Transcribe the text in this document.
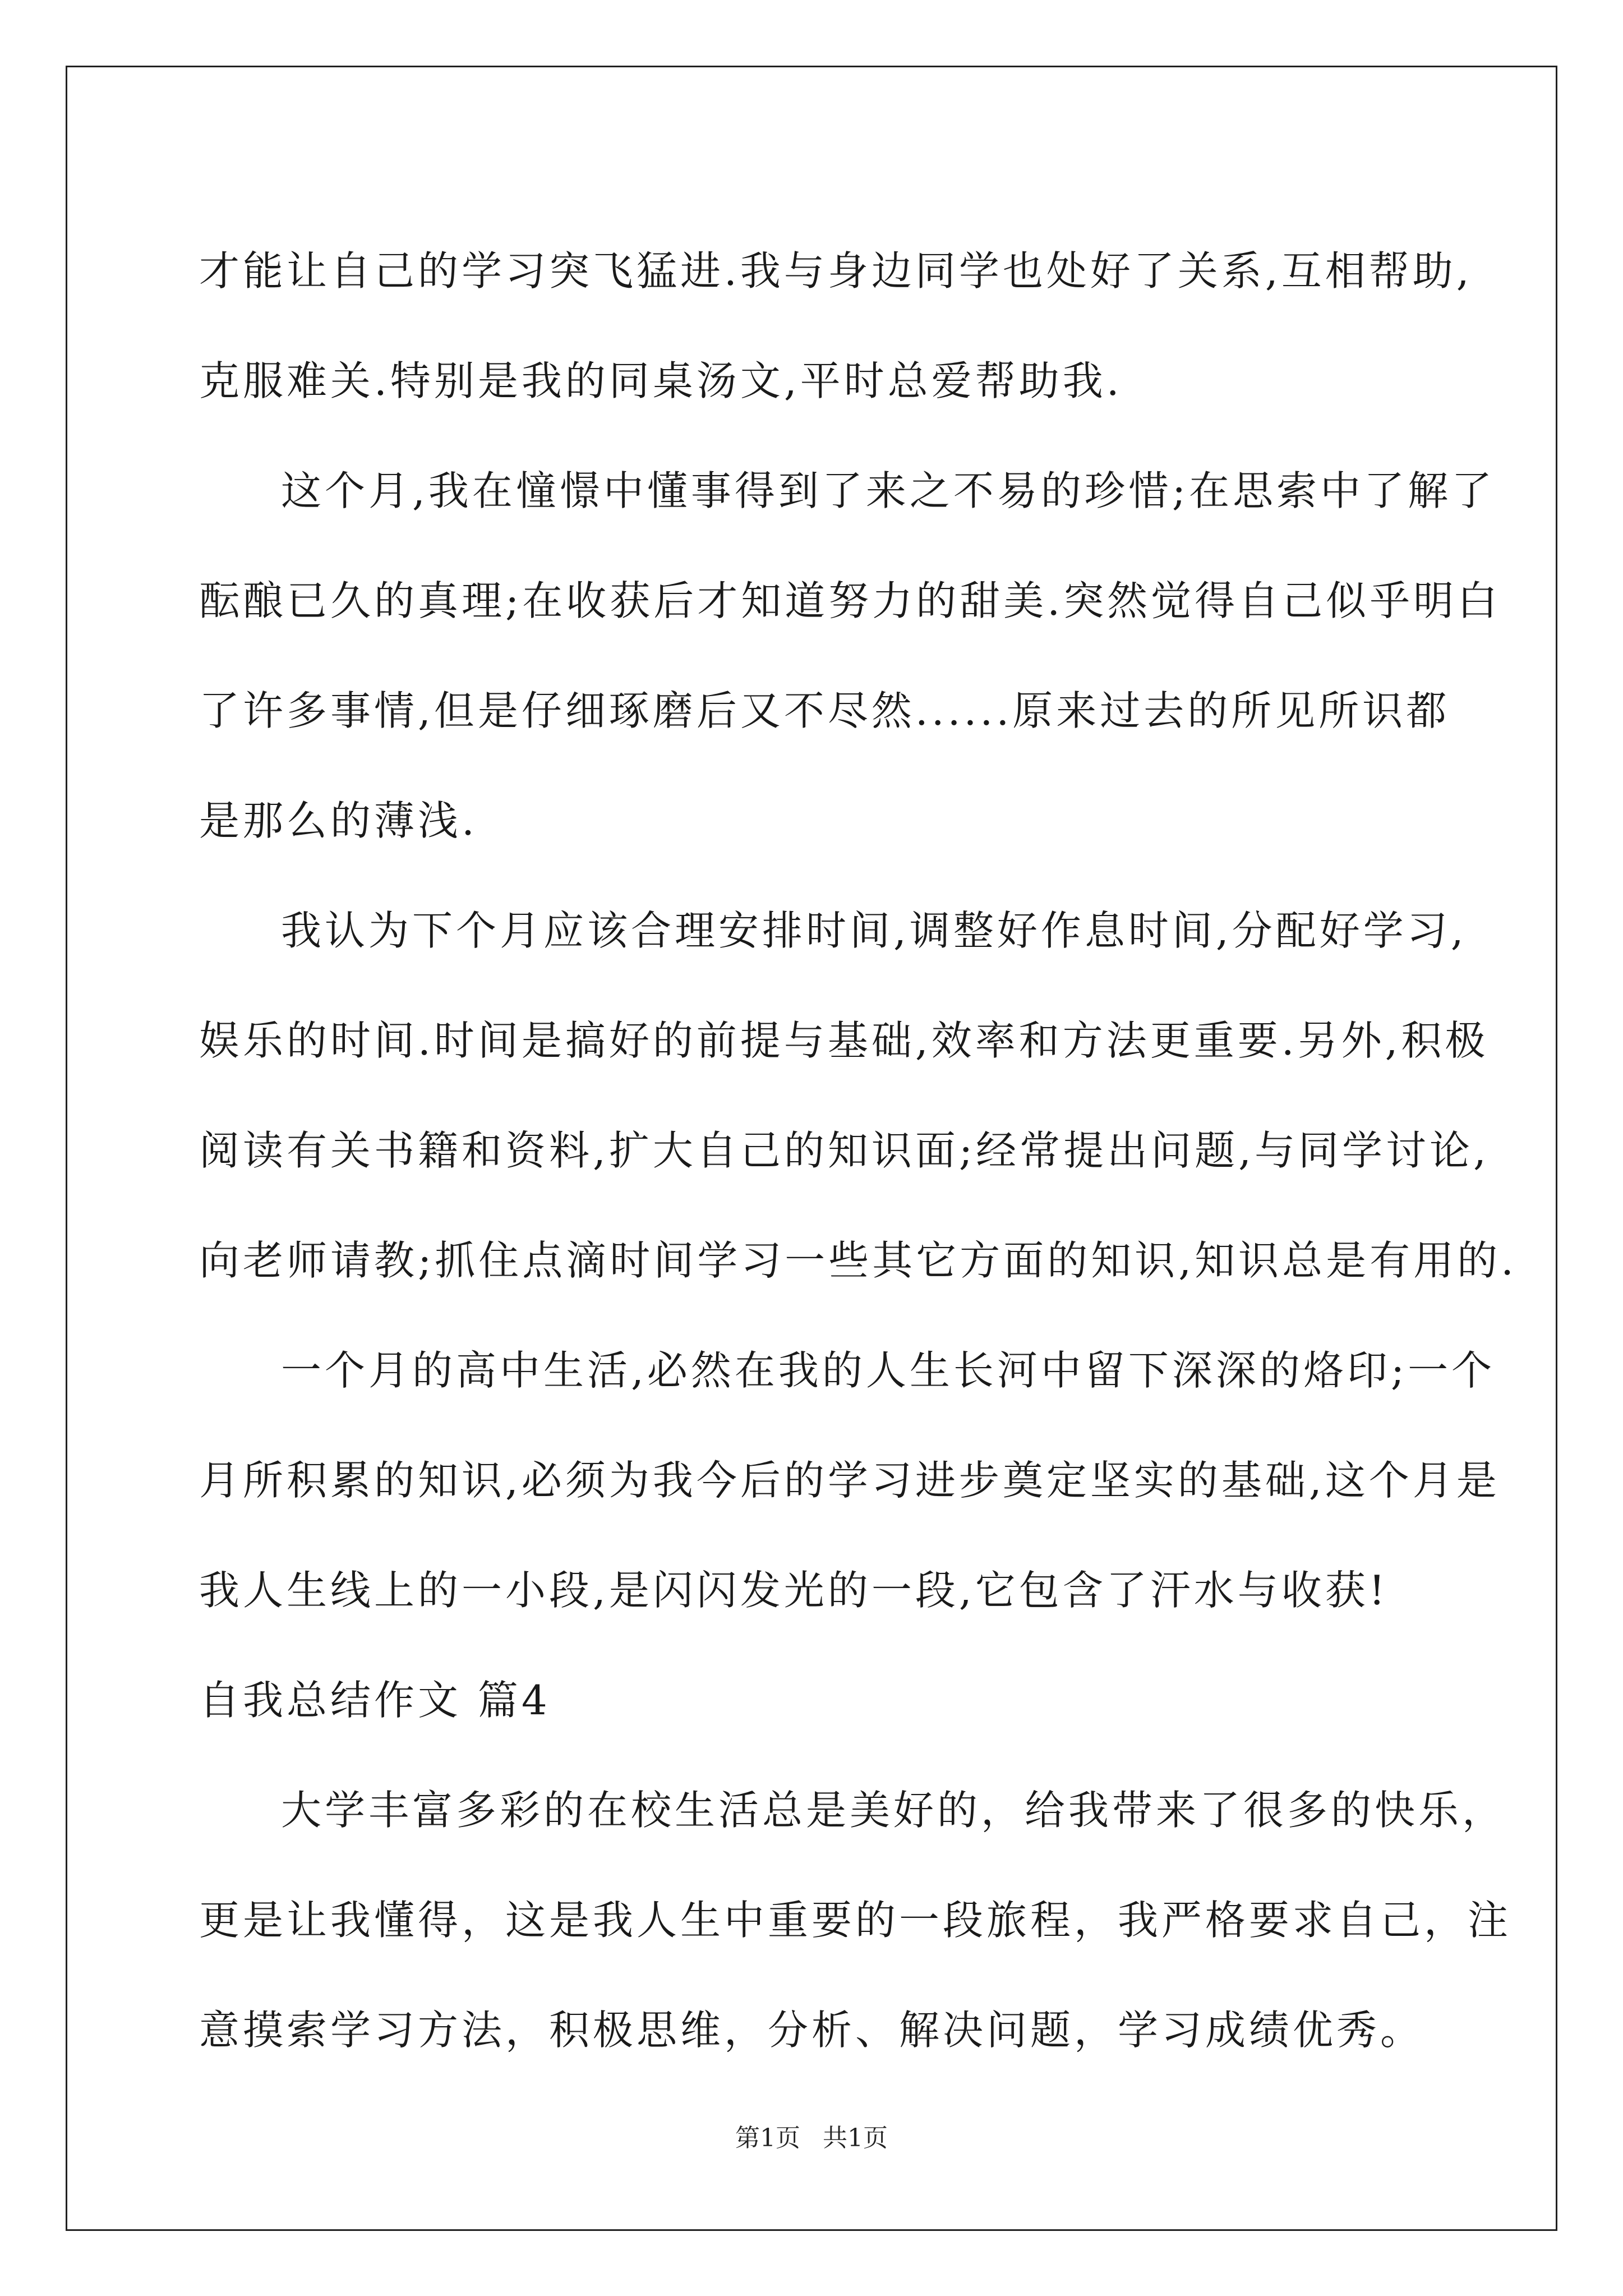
才能让自己的学习突飞猛进.我与身边同学也处好了关系,互相帮助,
克服难关.特别是我的同桌汤文,平时总爱帮助我.
这个月,我在憧憬中懂事得到了来之不易的珍惜;在思索中了解了
酝酿已久的真理;在收获后才知道努力的甜美.突然觉得自己似乎明白
了许多事情,但是仔细琢磨后又不尽然......原来过去的所见所识都
是那么的薄浅.
我认为下个月应该合理安排时间,调整好作息时间,分配好学习,
娱乐的时间.时间是搞好的前提与基础,效率和方法更重要.另外,积极
阅读有关书籍和资料,扩大自己的知识面;经常提出问题,与同学讨论,
向老师请教;抓住点滴时间学习一些其它方面的知识,知识总是有用的.
一个月的高中生活,必然在我的人生长河中留下深深的烙印;一个
月所积累的知识,必须为我今后的学习进步奠定坚实的基础,这个月是
我人生线上的一小段,是闪闪发光的一段,它包含了汗水与收获!
自我总结作文 篇4
大学丰富多彩的在校生活总是美好的，给我带来了很多的快乐，
更是让我懂得，这是我人生中重要的一段旅程，我严格要求自己，注
意摸索学习方法，积极思维，分析、解决问题，学习成绩优秀。
第1页 共1页
